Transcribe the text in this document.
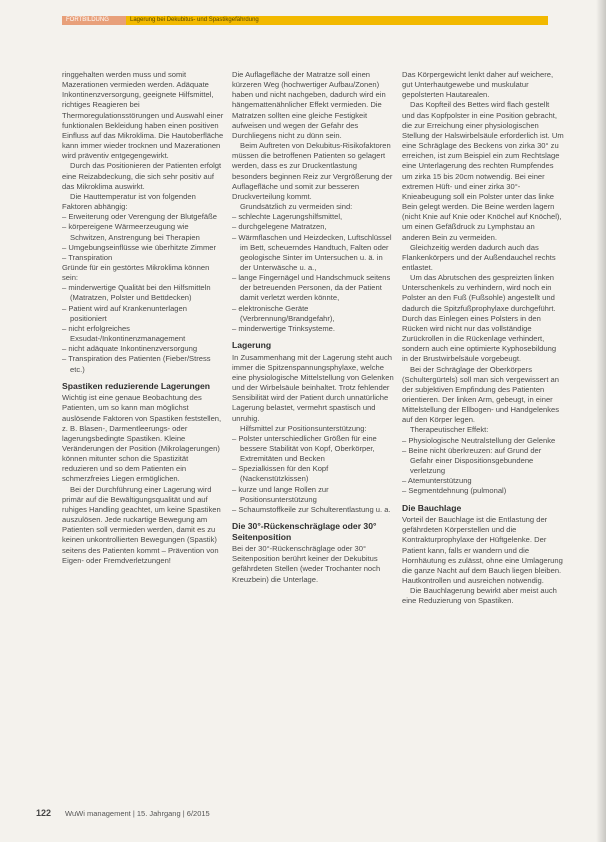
FORTBILDUNG	Lagerung bei Dekubitus- und Spastikgefährdung

ringgehalten werden muss und somit Mazerationen vermieden werden. Adäquate Inkontinenzversorgung, geeignete Hilfsmittel, richtiges Reagieren bei Thermoregulationsstörungen und Auswahl einer funktionalen Bekleidung haben einen positiven Einfluss auf das Mikroklima. Die Hautoberfläche kann immer wieder trocknen und Mazerationen wird präventiv entgegengewirkt.

Durch das Positionieren der Patienten erfolgt eine Reizabdeckung, die sich sehr positiv auf das Mikroklima auswirkt.

Die Hauttemperatur ist von folgenden Faktoren abhängig:

– Erweiterung oder Verengung der Blutgefäße
– körpereigene Wärmeerzeugung wie Schwitzen, Anstrengung bei Therapien
– Umgebungseinflüsse wie überhitzte Zimmer
– Transpiration

Gründe für ein gestörtes Mikroklima können sein:

– minderwertige Qualität bei den Hilfsmitteln (Matratzen, Polster und Bettdecken)
– Patient wird auf Krankenunterlagen positioniert
– nicht erfolgreiches Exsudat-/Inkontinenzmanagement
– nicht adäquate Inkontinenzversorgung
– Transpiration des Patienten (Fieber/Stress etc.)
Spastiken reduzierende Lagerungen

Wichtig ist eine genaue Beobachtung des Patienten, um so kann man möglichst auslösende Faktoren von Spastiken feststellen, z. B. Blasen-, Darmentleerungs- oder lagerungsbedingte Spastiken. Kleine Veränderungen der Position (Mikrolagerungen) können mitunter schon die Spastizität reduzieren und so dem Patienten ein schmerzfreies Liegen ermöglichen.

Bei der Durchführung einer Lagerung wird primär auf die Bewältigungsqualität und auf ruhiges Handling geachtet, um keine Spastiken auszulösen. Jede ruckartige Bewegung am Patienten soll vermieden werden, damit es zu keinen unkontrollierten Bewegungen (Spastik) seitens des Patienten kommt – Prävention von Eigen- oder Fremdverletzungen!

Die Auflagefläche der Matratze soll einen kürzeren Weg (hochwertiger Aufbau/Zonen) haben und nicht nachgeben, dadurch wird ein hängemattenähnlicher Effekt vermieden. Die Matratzen sollten eine gleiche Festigkeit aufweisen und wegen der Gefahr des Durchliegens nicht zu dünn sein.

Beim Auftreten von Dekubitus-Risikofaktoren müssen die betroffenen Patienten so gelagert werden, dass es zur Druckentlastung besonders beginnen Reiz zur Vergrößerung der Auflagefläche und somit zur besseren Druckverteilung kommt.

Grundsätzlich zu vermeiden sind:

– schlechte Lagerungshilfsmittel,
– durchgelegene Matratzen,
– Wärmflaschen und Heizdecken, Luftschlüssel im Bett, scheuerndes Handtuch, Falten oder geologische Sinter im Untersuchen u. ä. in der Unterwäsche u. a.,
– lange Fingernägel und Handschmuck seitens der betreuenden Personen, da der Patient damit verletzt werden könnte,
– elektronische Geräte (Verbrennung/Brandgefahr),
– minderwertige Trinksysteme.
Lagerung

In Zusammenhang mit der Lagerung steht auch immer die Spitzenspannungsphylaxe, welche eine physiologische Mittelstellung von Gelenken und der Wirbelsäule beinhaltet. Trotz fehlender Sensibilität wird der Patient durch unnatürliche Lagerung belastet, vermehrt spastisch und unruhig.

Hilfsmittel zur Positionsunterstützung:

– Polster unterschiedlicher Größen für eine bessere Stabilität von Kopf, Oberkörper, Extremitäten und Becken
– Spezialkissen für den Kopf (Nackenstützkissen)
– kurze und lange Rollen zur Positionsunterstützung
– Schaumstoffkeile zur Schulterentlastung u. a.
Die 30°-Rückenschräglage oder 30° Seitenposition

Bei der 30°-Rückenschräglage oder 30° Seitenposition berührt keiner der Dekubitus gefährdeten Stellen (weder Trochanter noch Kreuzbein) die Unterlage.

Das Körpergewicht lenkt daher auf weichere, gut Unterhautgewebe und muskulatur gepolsterten Hautarealen.

Das Kopfteil des Bettes wird flach gestellt und das Kopfpolster in eine Position gebracht, die zur Erreichung einer physiologischen Stellung der Halswirbelsäule erforderlich ist. Um eine Schräglage des Beckens von zirka 30° zu erreichen, ist zum Beispiel ein zum Rechtslage eine Unterlagerung des rechten Rumpfendes um zirka 15 bis 20cm notwendig. Bei einer extremen Hüft- und einer zirka 30°-Knieabeugung soll ein Polster unter das linke Bein gelegt werden. Die Beine werden lagern (nicht Knie auf Knie oder Knöchel auf Knöchel), um einen Gefäßdruck zu Lymphstau an anderen Bein zu vermeiden.

Gleichzeitig werden dadurch auch das Flankenkörpers und der Außendauchel rechts entlastet.

Um das Abrutschen des gespreizten linken Unterschenkels zu verhindern, wird noch ein Polster an den Fuß (Fußsohle) angestellt und dadurch die Spitzfußprophylaxe durchgeführt. Durch das Einlegen eines Polsters in den Rücken wird nicht nur das vollständige Zurückrollen in die Rückenlage verhindert, sondern auch eine optimierte Kyphosebildung in der Brustwirbelsäule vorgebeugt.

Bei der Schräglage der Oberkörpers (Schultergürtels) soll man sich vergewissert an der subjektiven Empfindung des Patienten orientieren. Der linken Arm, gebeugt, in einer Mittelstellung der Ellbogen- und Handgelenkes auf den Körper legen.

Therapeutischer Effekt:

– Physiologische Neutralstellung der Gelenke
– Beine nicht überkreuzen: auf Grund der Gefahr einer Dispositionsgebundene verletzung
– Atemunterstützung
– Segmentdehnung (pulmonal)
Die Bauchlage

Vorteil der Bauchlage ist die Entlastung der gefährdeten Körperstellen und die Kontrakturprophylaxe der Hüftgelenke. Der Patient kann, falls er wandern und die Hornhäutung es zulässt, ohne eine Umlagerung die ganze Nacht auf dem Bauch liegen bleiben. Hautkontrollen und ausreichen notwendig.

Die Bauchlagerung bewirkt aber meist auch eine Reduzierung von Spastiken.

122 WuWi management | 15. Jahrgang | 6/2015
